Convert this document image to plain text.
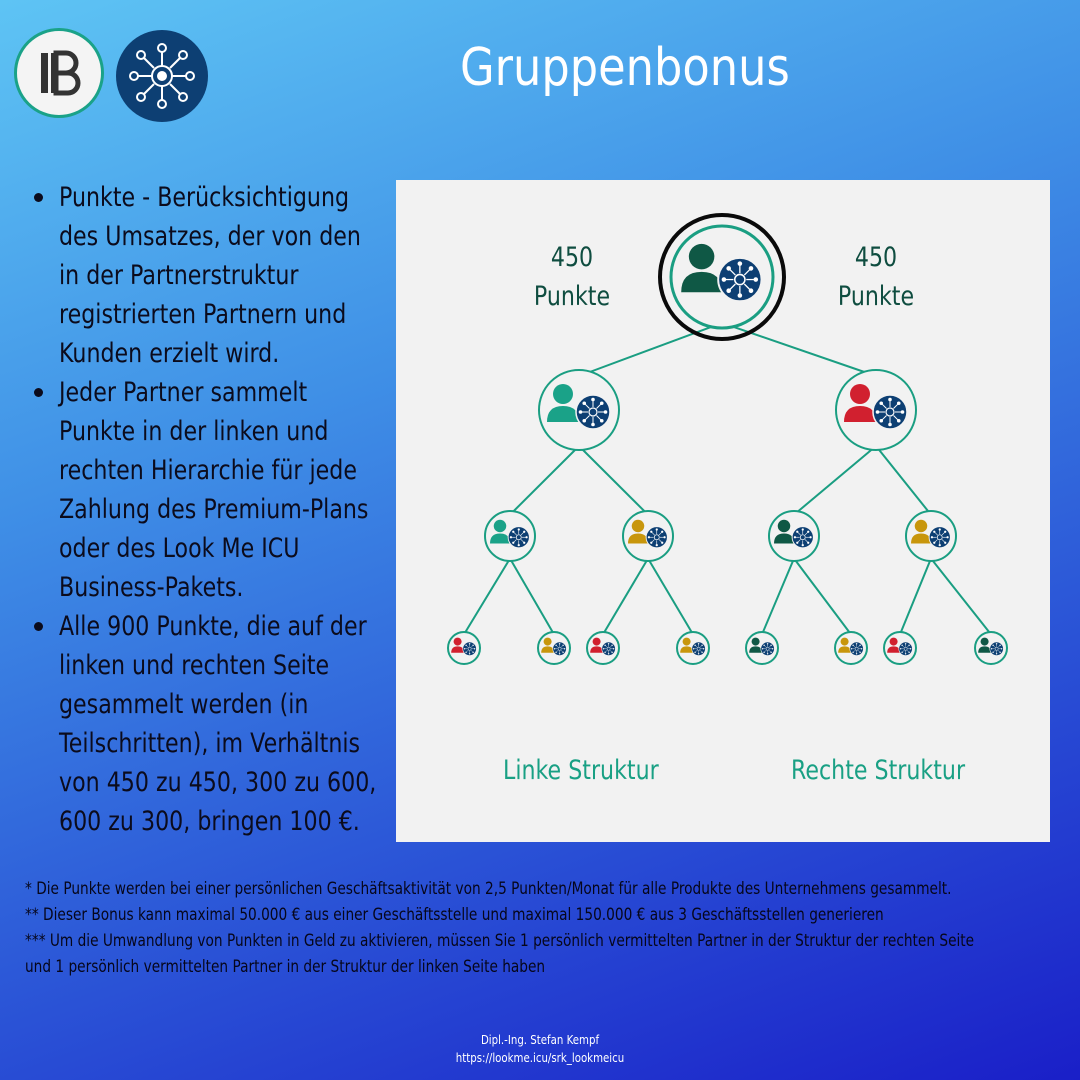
Gruppenbonus
Punkte - Berücksichtigung des Umsatzes, der von den in der Partnerstruktur registrierten Partnern und Kunden erzielt wird.
Jeder Partner sammelt Punkte in der linken und rechten Hierarchie für jede Zahlung des Premium-Plans oder des Look Me ICU Business-Pakets.
Alle 900 Punkte, die auf der linken und rechten Seite gesammelt werden (in Teilschritten), im Verhältnis von 450 zu 450, 300 zu 600, 600 zu 300, bringen 100 €.
450
Punkte
450
Punkte
Linke Struktur	Rechte Struktur
* Die Punkte werden bei einer persönlichen Geschäftsaktivität von 2,5 Punkten/Monat für alle Produkte des Unternehmens gesammelt.
** Dieser Bonus kann maximal 50.000 € aus einer Geschäftsstelle und maximal 150.000 € aus 3 Geschäftsstellen generieren
*** Um die Umwandlung von Punkten in Geld zu aktivieren, müssen Sie 1 persönlich vermittelten Partner in der Struktur der rechten Seite
und 1 persönlich vermittelten Partner in der Struktur der linken Seite haben
Dipl.-Ing. Stefan Kempf
https://lookme.icu/srk_lookmeicu
